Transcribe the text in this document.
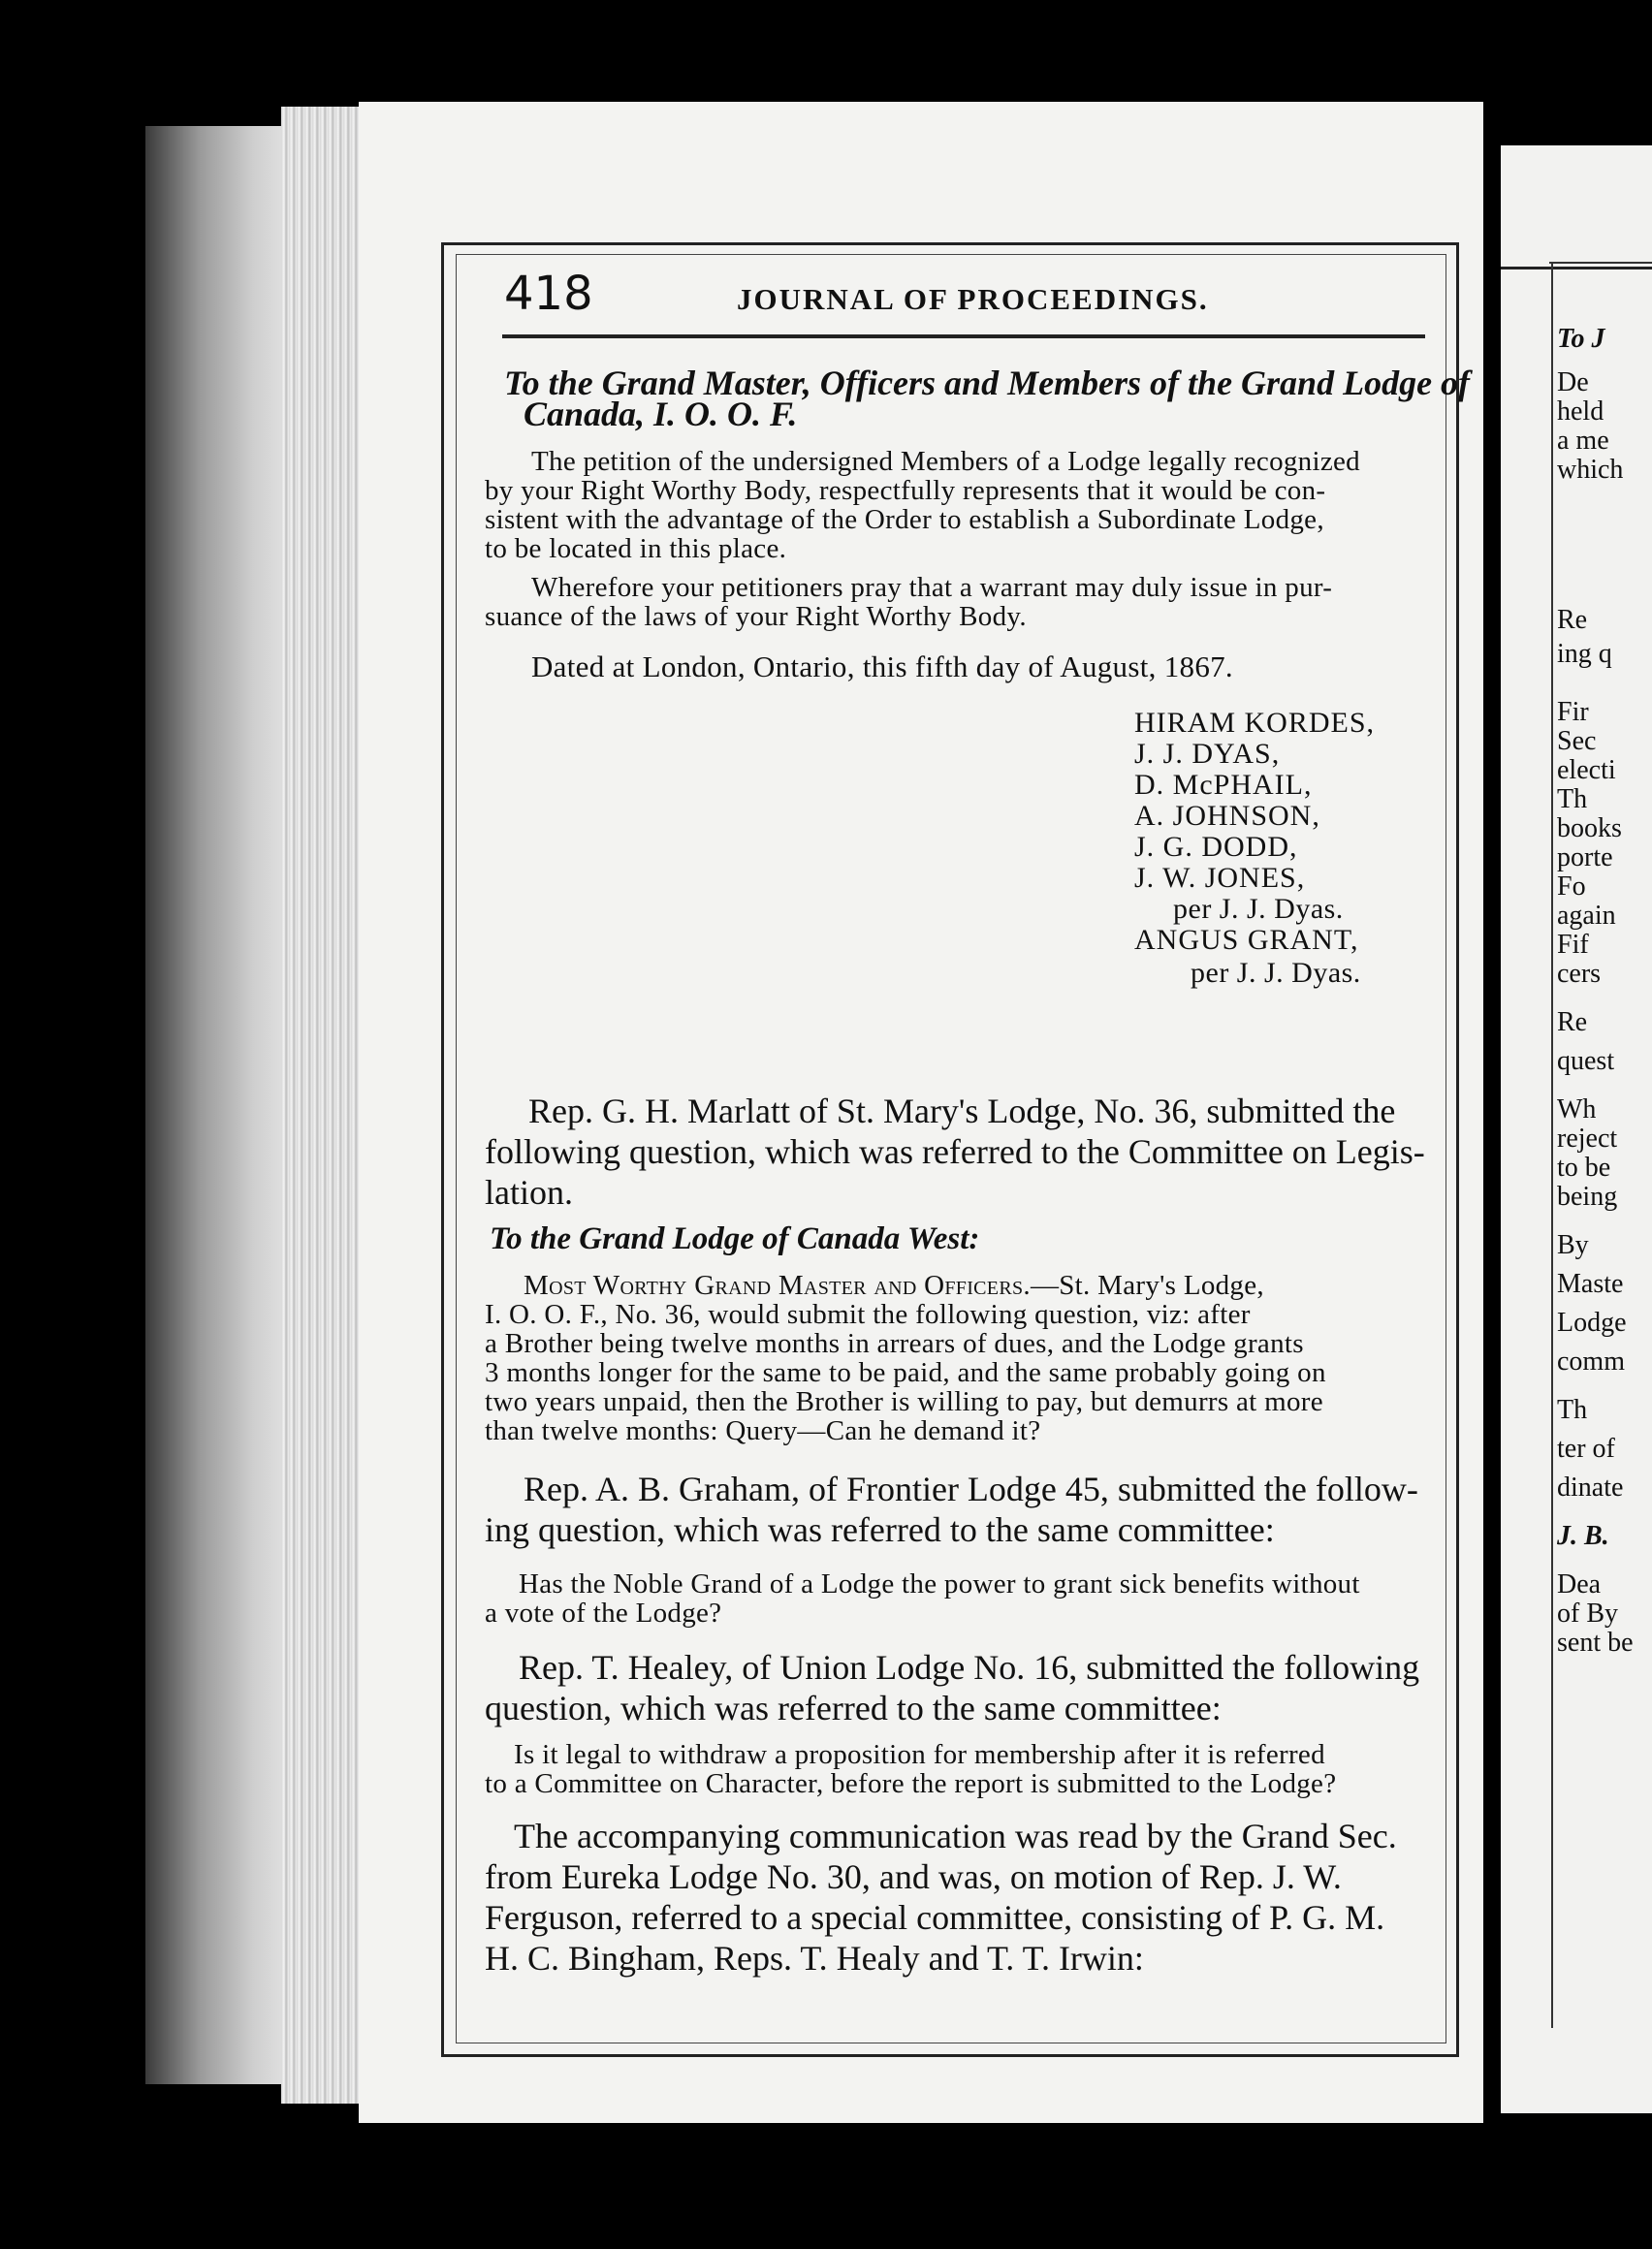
To J
De
held
a me
which
Re
ing q
Fir
Sec
electi
Th
books
porte
Fo
again
Fif
cers
Re
quest
Wh
reject
to be
being
By
Maste
Lodge
comm
Th
ter of
dinate
J. B.
Dea
of By
sent be
418	JOURNAL OF PROCEEDINGS.
To the Grand Master, Officers and Members of the Grand Lodge of
Canada, I. O. O. F.
The petition of the undersigned Members of a Lodge legally recognized
by your Right Worthy Body, respectfully represents that it would be con-
sistent with the advantage of the Order to establish a Subordinate Lodge,
to be located in this place.
Wherefore your petitioners pray that a warrant may duly issue in pur-
suance of the laws of your Right Worthy Body.
Dated at London, Ontario, this fifth day of August, 1867.
HIRAM KORDES,
J. J. DYAS,
D. McPHAIL,
A. JOHNSON,
J. G. DODD,
J. W. JONES,
per J. J. Dyas.
ANGUS GRANT,
per J. J. Dyas.
Rep. G. H. Marlatt of St. Mary's Lodge, No. 36, submitted the
following question, which was referred to the Committee on Legis-
lation.
To the Grand Lodge of Canada West:
Most Worthy Grand Master and Officers.—St. Mary's Lodge,
I. O. O. F., No. 36, would submit the following question, viz: after
a Brother being twelve months in arrears of dues, and the Lodge grants
3 months longer for the same to be paid, and the same probably going on
two years unpaid, then the Brother is willing to pay, but demurrs at more
than twelve months: Query—Can he demand it?
Rep. A. B. Graham, of Frontier Lodge 45, submitted the follow-
ing question, which was referred to the same committee:
Has the Noble Grand of a Lodge the power to grant sick benefits without
a vote of the Lodge?
Rep. T. Healey, of Union Lodge No. 16, submitted the following
question, which was referred to the same committee:
Is it legal to withdraw a proposition for membership after it is referred
to a Committee on Character, before the report is submitted to the Lodge?
The accompanying communication was read by the Grand Sec.
from Eureka Lodge No. 30, and was, on motion of Rep. J. W.
Ferguson, referred to a special committee, consisting of P. G. M.
H. C. Bingham, Reps. T. Healy and T. T. Irwin:
